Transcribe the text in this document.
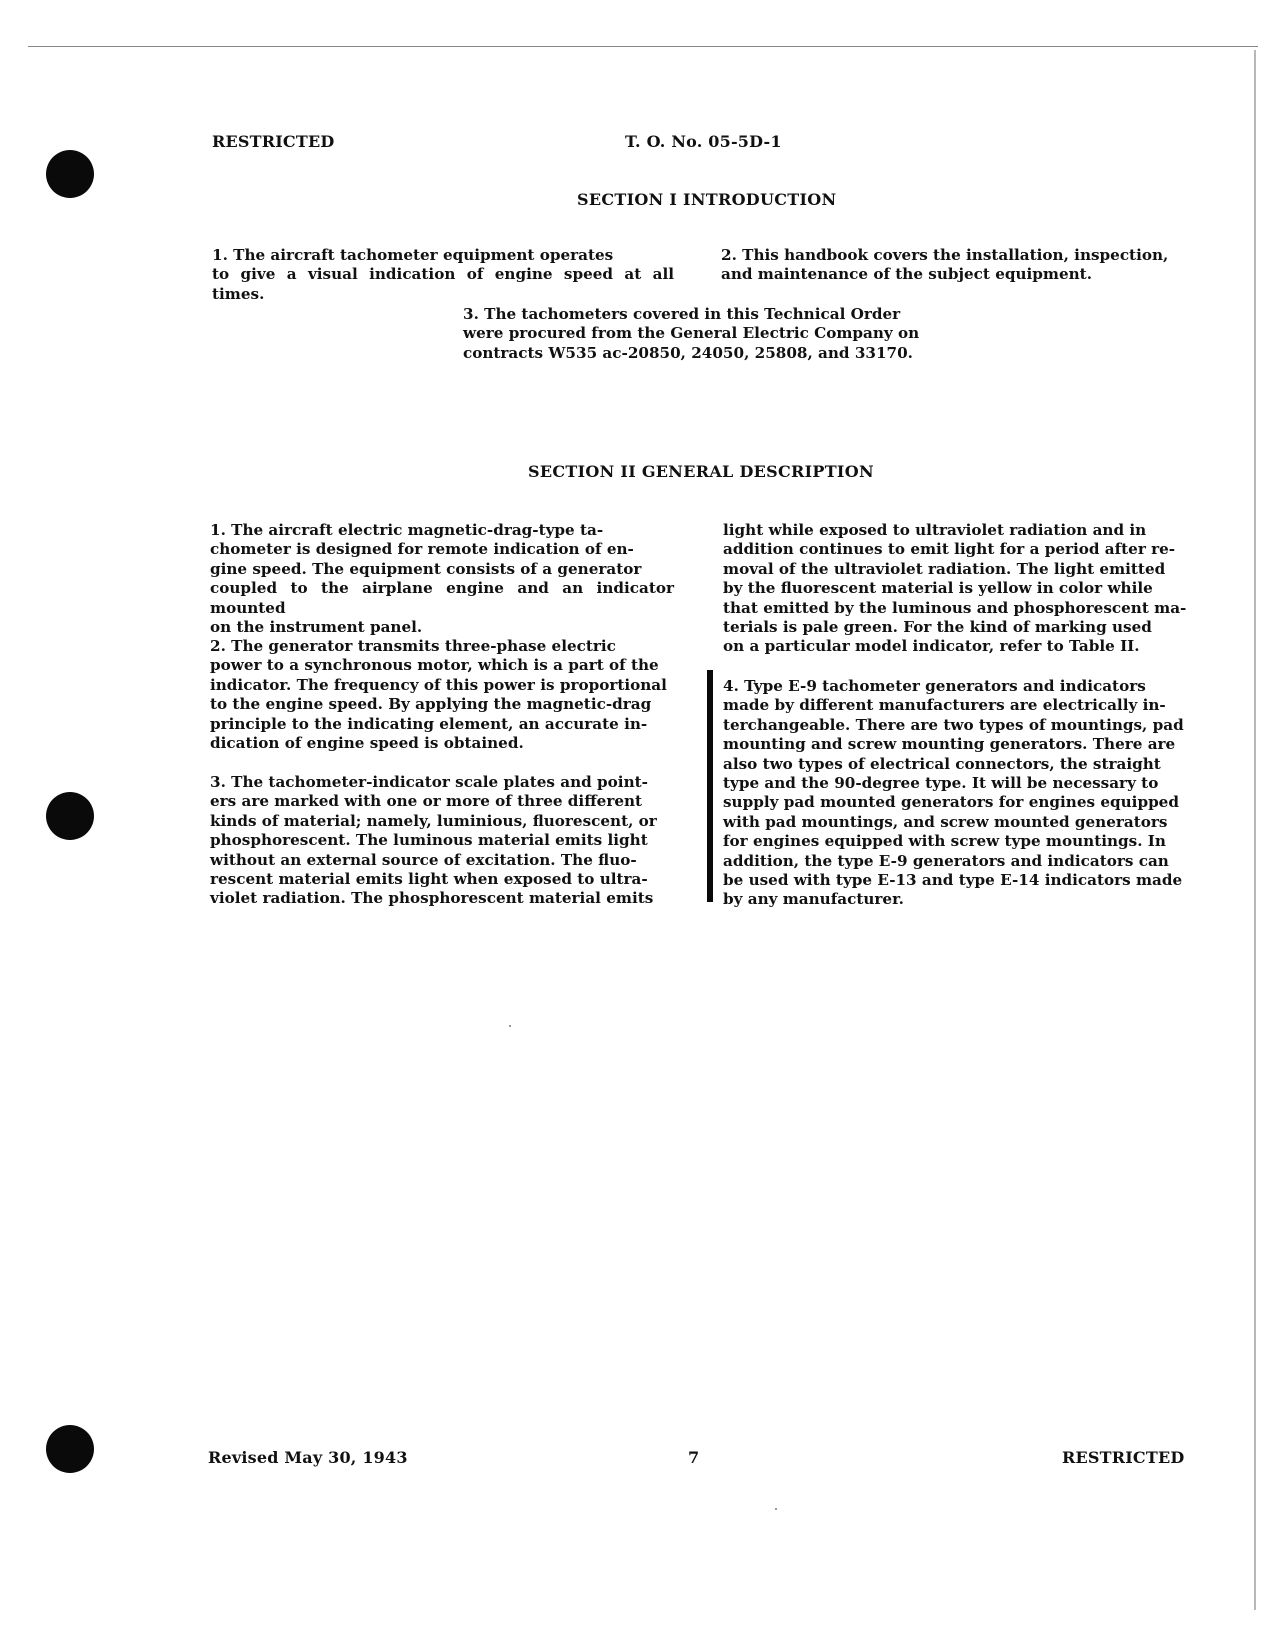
RESTRICTED	T. O. No. 05-5D-1
SECTION I INTRODUCTION

1. The aircraft tachometer equipment operates
to give a visual indication of engine speed at all times.

2. This handbook covers the installation, inspection,
and maintenance of the subject equipment.

3. The tachometers covered in this Technical Order
were procured from the General Electric Company on
contracts W535 ac-20850, 24050, 25808, and 33170.

SECTION II GENERAL DESCRIPTION

1. The aircraft electric magnetic-drag-type ta-
chometer is designed for remote indication of en-
gine speed. The equipment consists of a generator
coupled to the airplane engine and an indicator mounted
on the instrument panel.

2. The generator transmits three-phase electric
power to a synchronous motor, which is a part of the
indicator. The frequency of this power is proportional
to the engine speed. By applying the magnetic-drag
principle to the indicating element, an accurate in-
dication of engine speed is obtained.

3. The tachometer-indicator scale plates and point-
ers are marked with one or more of three different
kinds of material; namely, luminious, fluorescent, or
phosphorescent. The luminous material emits light
without an external source of excitation. The fluo-
rescent material emits light when exposed to ultra-
violet radiation. The phosphorescent material emits

light while exposed to ultraviolet radiation and in
addition continues to emit light for a period after re-
moval of the ultraviolet radiation. The light emitted
by the fluorescent material is yellow in color while
that emitted by the luminous and phosphorescent ma-
terials is pale green. For the kind of marking used
on a particular model indicator, refer to Table II.

4. Type E-9 tachometer generators and indicators
made by different manufacturers are electrically in-
terchangeable. There are two types of mountings, pad
mounting and screw mounting generators. There are
also two types of electrical connectors, the straight
type and the 90-degree type. It will be necessary to
supply pad mounted generators for engines equipped
with pad mountings, and screw mounted generators
for engines equipped with screw type mountings. In
addition, the type E-9 generators and indicators can
be used with type E-13 and type E-14 indicators made
by any manufacturer.

Revised May 30, 1943	7	RESTRICTED
